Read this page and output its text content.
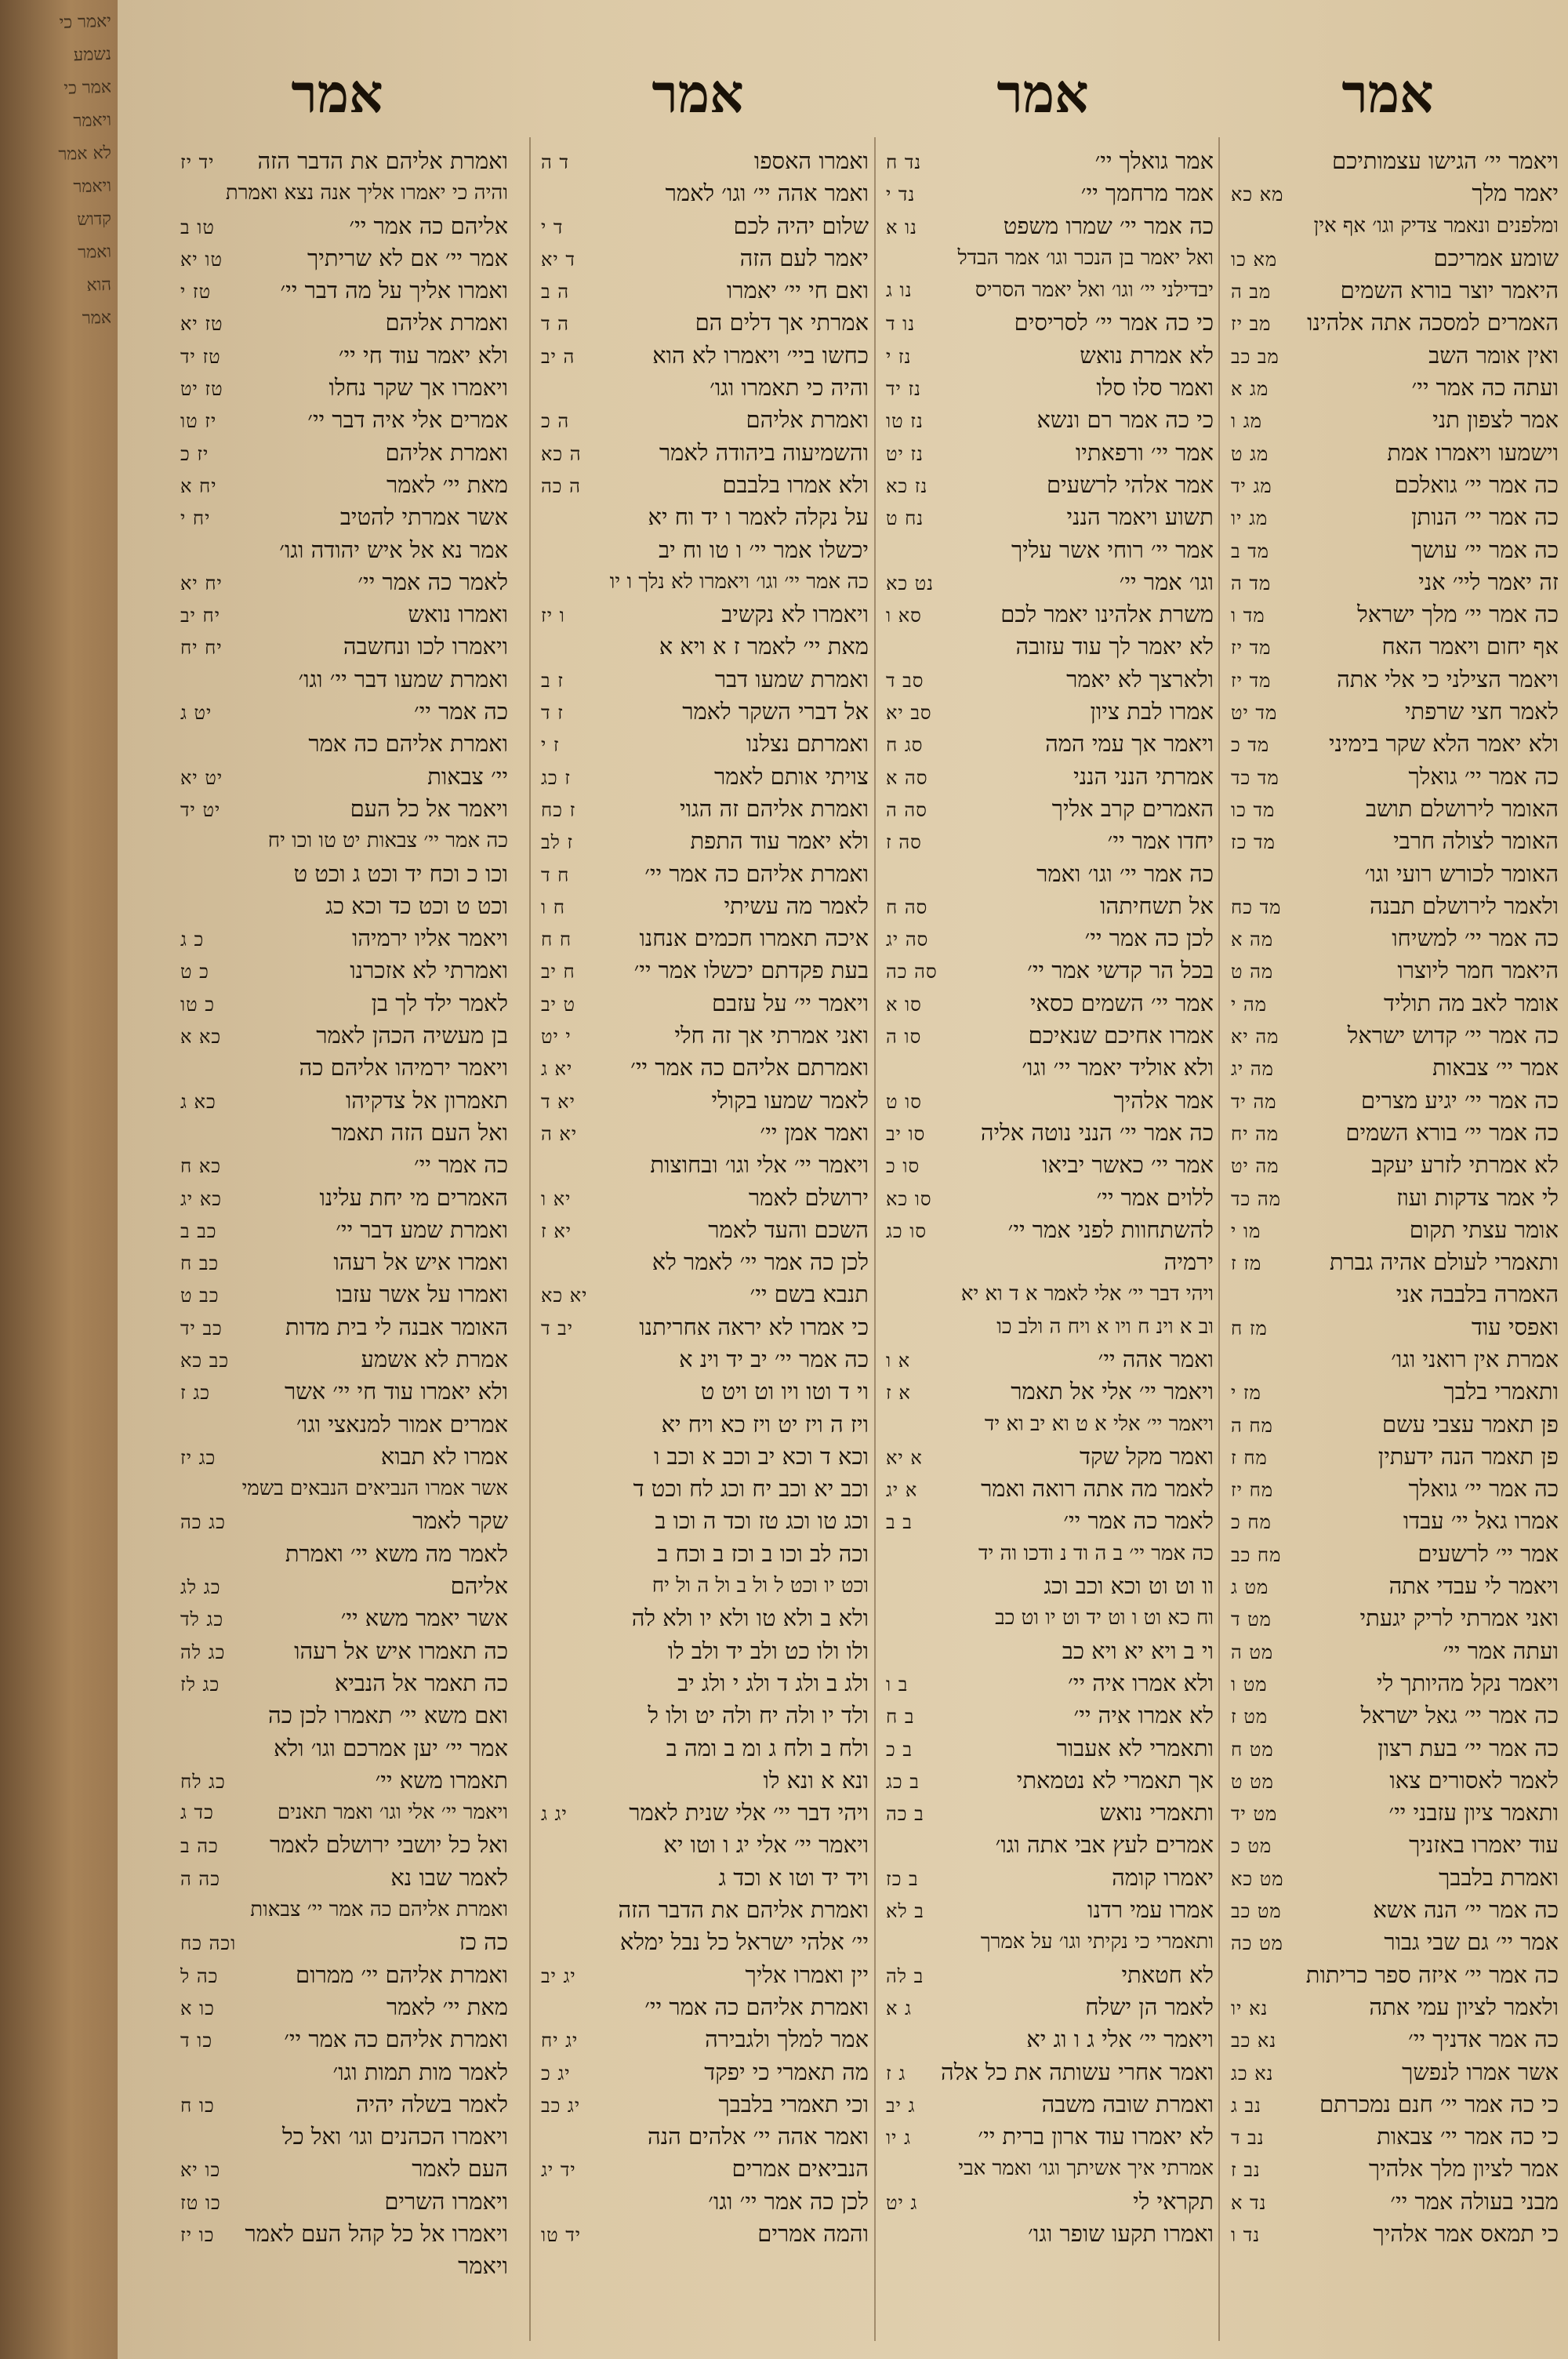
יאמר כי
נשמע
אמר כי
ויאמר
לא אמר
ויאמר
קדוש
ואמר
הוא
אמר
אמר
אמר
אמר
אמר
ויאמר יי׳ הגישו עצמותיכם
יאמר מלך
מא כא
ומלפנים ונאמר צדיק וגו׳ אף אין
שומע אמריכם
מא כו
היאמר יוצר בורא השמים
מב ה
האמרים למסכה אתה אלהינו
מב יז
ואין אומר השב
מב כב
ועתה כה אמר יי׳
מג א
אמר לצפון תני
מג ו
וישמעו ויאמרו אמת
מג ט
כה אמר יי׳ גואלכם
מג יד
כה אמר יי׳ הנותן
מג יו
כה אמר יי׳ עושך
מד ב
זה יאמר ליי׳ אני
מד ה
כה אמר יי׳ מלך ישראל
מד ו
אף יחום ויאמר האח
מד יז
ויאמר הצילני כי אלי אתה
מד יז
לאמר חצי שרפתי
מד יט
ולא יאמר הלא שקר בימיני
מד כ
כה אמר יי׳ גואלך
מד כד
האומר לירושלם תושב
מד כו
האומר לצולה חרבי
מד כז
האומר לכורש רועי וגו׳
ולאמר לירושלם תבנה
מד כח
כה אמר יי׳ למשיחו
מה א
היאמר חמר ליוצרו
מה ט
אומר לאב מה תוליד
מה י
כה אמר יי׳ קדוש ישראל
מה יא
אמר יי׳ צבאות
מה יג
כה אמר יי׳ יגיע מצרים
מה יד
כה אמר יי׳ בורא השמים
מה יח
לא אמרתי לזרע יעקב
מה יט
לי אמר צדקות ועוז
מה כד
אומר עצתי תקום
מו י
ותאמרי לעולם אהיה גברת
מז ז
האמרה בלבבה אני
ואפסי עוד
מז ח
אמרת אין רואני וגו׳
ותאמרי בלבך
מז י
פן תאמר עצבי עשם
מח ה
פן תאמר הנה ידעתין
מח ז
כה אמר יי׳ גואלך
מח יז
אמרו גאל יי׳ עבדו
מח כ
אמר יי׳ לרשעים
מח כב
ויאמר לי עבדי אתה
מט ג
ואני אמרתי לריק יגעתי
מט ד
ועתה אמר יי׳
מט ה
ויאמר נקל מהיותך לי
מט ו
כה אמר יי׳ גאל ישראל
מט ז
כה אמר יי׳ בעת רצון
מט ח
לאמר לאסורים צאו
מט ט
ותאמר ציון עזבני יי׳
מט יד
עוד יאמרו באזניך
מט כ
ואמרת בלבבך
מט כא
כה אמר יי׳ הנה אשא
מט כב
אמר יי׳ גם שבי גבור
מט כה
כה אמר יי׳ איזה ספר כריתות
ולאמר לציון עמי אתה
נא יו
כה אמר אדניך יי׳
נא כב
אשר אמרו לנפשך
נא כג
כי כה אמר יי׳ חנם נמכרתם
נב ג
כי כה אמר יי׳ צבאות
נב ד
אמר לציון מלך אלהיך
נב ז
מבני בעולה אמר יי׳
נד א
כי תמאס אמר אלהיך
נד ו
אמר גואלך יי׳
נד ח
אמר מרחמך יי׳
נד י
כה אמר יי׳ שמרו משפט
נו א
ואל יאמר בן הנכר וגו׳ אמר הבדל
יבדילני יי׳ וגו׳ ואל יאמר הסריס
נו ג
כי כה אמר יי׳ לסריסים
נו ד
לא אמרת נואש
נז י
ואמר סלו סלו
נז יד
כי כה אמר רם ונשא
נז טו
אמר יי׳ ורפאתיו
נז יט
אמר אלהי לרשעים
נז כא
תשוע ויאמר הנני
נח ט
אמר יי׳ רוחי אשר עליך
וגו׳ אמר יי׳
נט כא
משרת אלהינו יאמר לכם
סא ו
לא יאמר לך עוד עזובה
ולארצך לא יאמר
סב ד
אמרו לבת ציון
סב יא
ויאמר אך עמי המה
סג ח
אמרתי הנני הנני
סה א
האמרים קרב אליך
סה ה
יחדו אמר יי׳
סה ז
כה אמר יי׳ וגו׳ ואמר
אל תשחיתהו
סה ח
לכן כה אמר יי׳
סה יג
בכל הר קדשי אמר יי׳
סה כה
אמר יי׳ השמים כסאי
סו א
אמרו אחיכם שנאיכם
סו ה
ולא אוליד יאמר יי׳ וגו׳
אמר אלהיך
סו ט
כה אמר יי׳ הנני נוטה אליה
סו יב
אמר יי׳ כאשר יביאו
סו כ
ללוים אמר יי׳
סו כא
להשתחוות לפני אמר יי׳
סו כג
ירמיה
ויהי דבר יי׳ אלי לאמר א ד וא יא
וב א וינ ח ויו א ויח ה ולב כו
ואמר אהה יי׳
א ו
ויאמר יי׳ אלי אל תאמר
א ז
ויאמר יי׳ אלי א ט וא יב וא יד
ואמר מקל שקד
א יא
לאמר מה אתה רואה ואמר
א יג
לאמר כה אמר יי׳
ב ב
כה אמר יי׳ ב ה וד נ ודכו וה יד
וו וט וט וכא וכב וכג
וח כא וט ו וט יד וט יו וט כב
וי ב ויא יא ויא כב
ולא אמרו איה יי׳
ב ו
לא אמרו איה יי׳
ב ח
ותאמרי לא אעבור
ב כ
אך תאמרי לא נטמאתי
ב כג
ותאמרי נואש
ב כה
אמרים לעץ אבי אתה וגו׳
יאמרו קומה
ב כז
אמרו עמי רדנו
ב לא
ותאמרי כי נקיתי וגו׳ על אמרך
לא חטאתי
ב לה
לאמר הן ישלח
ג א
ויאמר יי׳ אלי ג ו וג יא
ואמר אחרי עשותה את כל אלה
ג ז
ואמרת שובה משבה
ג יב
לא יאמרו עוד ארון ברית יי׳
ג יו
אמרתי איך אשיתך וגו׳ ואמר אבי
תקראי לי
ג יט
ואמרו תקעו שופר וגו׳
ואמרו האספו
ד ה
ואמר אהה יי׳ וגו׳ לאמר
שלום יהיה לכם
ד י
יאמר לעם הזה
ד יא
ואם חי יי׳ יאמרו
ה ב
אמרתי אך דלים הם
ה ד
כחשו ביי׳ ויאמרו לא הוא
ה יב
והיה כי תאמרו וגו׳
ואמרת אליהם
ה כ
והשמיעוה ביהודה לאמר
ה כא
ולא אמרו בלבבם
ה כה
על נקלה לאמר ו יד וח יא
יכשלו אמר יי׳ ו טו וח יב
כה אמר יי׳ וגו׳ ויאמרו לא נלך ו יו
ויאמרו לא נקשיב
ו יז
מאת יי׳ לאמר ז א ויא א
ואמרת שמעו דבר
ז ב
אל דברי השקר לאמר
ז ד
ואמרתם נצלנו
ז י
צויתי אותם לאמר
ז כג
ואמרת אליהם זה הגוי
ז כח
ולא יאמר עוד התפת
ז לב
ואמרת אליהם כה אמר יי׳
ח ד
לאמר מה עשיתי
ח ו
איכה תאמרו חכמים אנחנו
ח ח
בעת פקדתם יכשלו אמר יי׳
ח יב
ויאמר יי׳ על עזבם
ט יב
ואני אמרתי אך זה חלי
י יט
ואמרתם אליהם כה אמר יי׳
יא ג
לאמר שמעו בקולי
יא ד
ואמר אמן יי׳
יא ה
ויאמר יי׳ אלי וגו׳ ובחוצות
ירושלם לאמר
יא ו
השכם והעד לאמר
יא ז
לכן כה אמר יי׳ לאמר לא
תנבא בשם יי׳
יא כא
כי אמרו לא יראה אחריתנו
יב ד
כה אמר יי׳ יב יד וינ א
וי ד וטו ויו וט ויט ט
ויז ה ויז יט ויז כא ויח יא
וכא ד וכא יב וכב א וכב ו
וכב יא וכב יח וכג לח וכט ד
וכג טו וכג טז וכד ה וכו ב
וכה לב וכו ב וכז ב וכח ב
וכט יו וכט ל ול ב ול ה ול יח
ולא ב ולא טו ולא יו ולא לה
ולו ולו כט ולב יד ולב לו
ולג ב ולג ד ולג י ולג יב
ולד יו ולה יח ולה יט ולו ל
ולח ב ולח ג ומ ב ומה ב
ונא א ונא לו
ויהי דבר יי׳ אלי שנית לאמר
יג ג
ויאמר יי׳ אלי יג ו וטו יא
ויד יד וטו א וכד ג
ואמרת אליהם את הדבר הזה
יי׳ אלהי ישראל כל נבל ימלא
יין ואמרו אליך
יג יב
ואמרת אליהם כה אמר יי׳
אמר למלך ולגבירה
יג יח
מה תאמרי כי יפקד
יג כ
וכי תאמרי בלבבך
יג כב
ואמר אהה יי׳ אלהים הנה
הנביאים אמרים
יד יג
לכן כה אמר יי׳ וגו׳
והמה אמרים
יד טו
ואמרת אליהם את הדבר הזה
יד יז
והיה כי יאמרו אליך אנה נצא ואמרת
אליהם כה אמר יי׳
טו ב
אמר יי׳ אם לא שריתיך
טו יא
ואמרו אליך על מה דבר יי׳
טז י
ואמרת אליהם
טז יא
ולא יאמר עוד חי יי׳
טז יד
ויאמרו אך שקר נחלו
טז יט
אמרים אלי איה דבר יי׳
יז טו
ואמרת אליהם
יז כ
מאת יי׳ לאמר
יח א
אשר אמרתי להטיב
יח י
אמר נא אל איש יהודה וגו׳
לאמר כה אמר יי׳
יח יא
ואמרו נואש
יח יב
ויאמרו לכו ונחשבה
יח יח
ואמרת שמעו דבר יי׳ וגו׳
כה אמר יי׳
יט ג
ואמרת אליהם כה אמר
יי׳ צבאות
יט יא
ויאמר אל כל העם
יט יד
כה אמר יי׳ צבאות יט טו וכו יח
וכו כ וכח יד וכט ג וכט ט
וכט ט וכט כד וכא כג
ויאמר אליו ירמיהו
כ ג
ואמרתי לא אזכרנו
כ ט
לאמר ילד לך בן
כ טו
בן מעשיה הכהן לאמר
כא א
ויאמר ירמיהו אליהם כה
תאמרון אל צדקיהו
כא ג
ואל העם הזה תאמר
כה אמר יי׳
כא ח
האמרים מי יחת עלינו
כא יג
ואמרת שמע דבר יי׳
כב ב
ואמרו איש אל רעהו
כב ח
ואמרו על אשר עזבו
כב ט
האומר אבנה לי בית מדות
כב יד
אמרת לא אשמע
כב כא
ולא יאמרו עוד חי יי׳ אשר
כג ז
אמרים אמור למנאצי וגו׳
אמרו לא תבוא
כג יז
אשר אמרו הנביאים הנבאים בשמי
שקר לאמר
כג כה
לאמר מה משא יי׳ ואמרת
אליהם
כג לג
אשר יאמר משא יי׳
כג לד
כה תאמרו איש אל רעהו
כג לה
כה תאמר אל הנביא
כג לז
ואם משא יי׳ תאמרו לכן כה
אמר יי׳ יען אמרכם וגו׳ ולא
תאמרו משא יי׳
כג לח
ויאמר יי׳ אלי וגו׳ ואמר תאנים
כד ג
ואל כל יושבי ירושלם לאמר
כה ב
לאמר שבו נא
כה ה
ואמרת אליהם כה אמר יי׳ צבאות
כה כז
וכה כח
ואמרת אליהם יי׳ ממרום
כה ל
מאת יי׳ לאמר
כו א
ואמרת אליהם כה אמר יי׳
כו ד
לאמר מות תמות וגו׳
לאמר בשלה יהיה
כו ח
ויאמרו הכהנים וגו׳ ואל כל
העם לאמר
כו יא
ויאמרו השרים
כו טז
ויאמרו אל כל קהל העם לאמר
כו יז
ויאמר
